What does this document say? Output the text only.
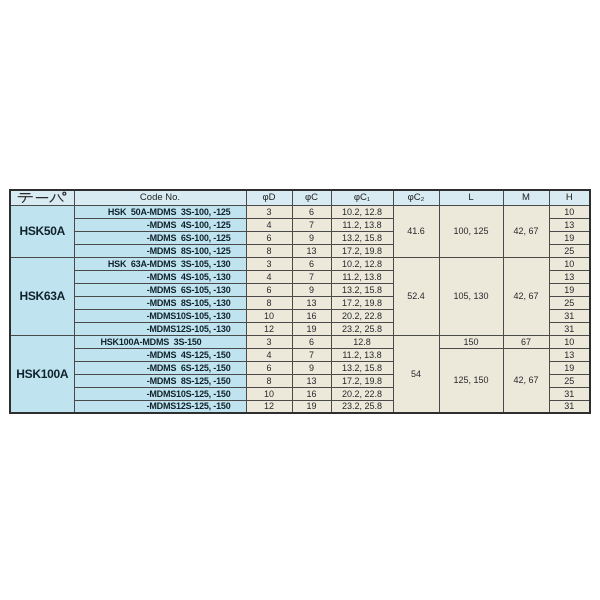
	Code No.	φD	φC	φC₁	φC₂	L	M	H
HSK50A	HSK  50A-MDMS  3S-100, -125	3	6	10.2, 12.8	41.6	100, 125	42, 67	10
	-MDMS  4S-100, -125	4	7	11.2, 13.8				13
	-MDMS  6S-100, -125	6	9	13.2, 15.8				19
	-MDMS  8S-100, -125	8	13	17.2, 19.8				25
HSK63A	HSK  63A-MDMS  3S-105, -130	3	6	10.2, 12.8	52.4	105, 130	42, 67	10
	-MDMS  4S-105, -130	4	7	11.2, 13.8				13
	-MDMS  6S-105, -130	6	9	13.2, 15.8				19
	-MDMS  8S-105, -130	8	13	17.2, 19.8				25
	-MDMS10S-105, -130	10	16	20.2, 22.8				31
	-MDMS12S-105, -130	12	19	23.2, 25.8				31
HSK100A	HSK100A-MDMS  3S-150	3	6	12.8	54	150	67	10
	-MDMS  4S-125, -150	4	7	11.2, 13.8		125, 150	42, 67	13
	-MDMS  6S-125, -150	6	9	13.2, 15.8				19
	-MDMS  8S-125, -150	8	13	17.2, 19.8				25
	-MDMS10S-125, -150	10	16	20.2, 22.8				31
	-MDMS12S-125, -150	12	19	23.2, 25.8				31
